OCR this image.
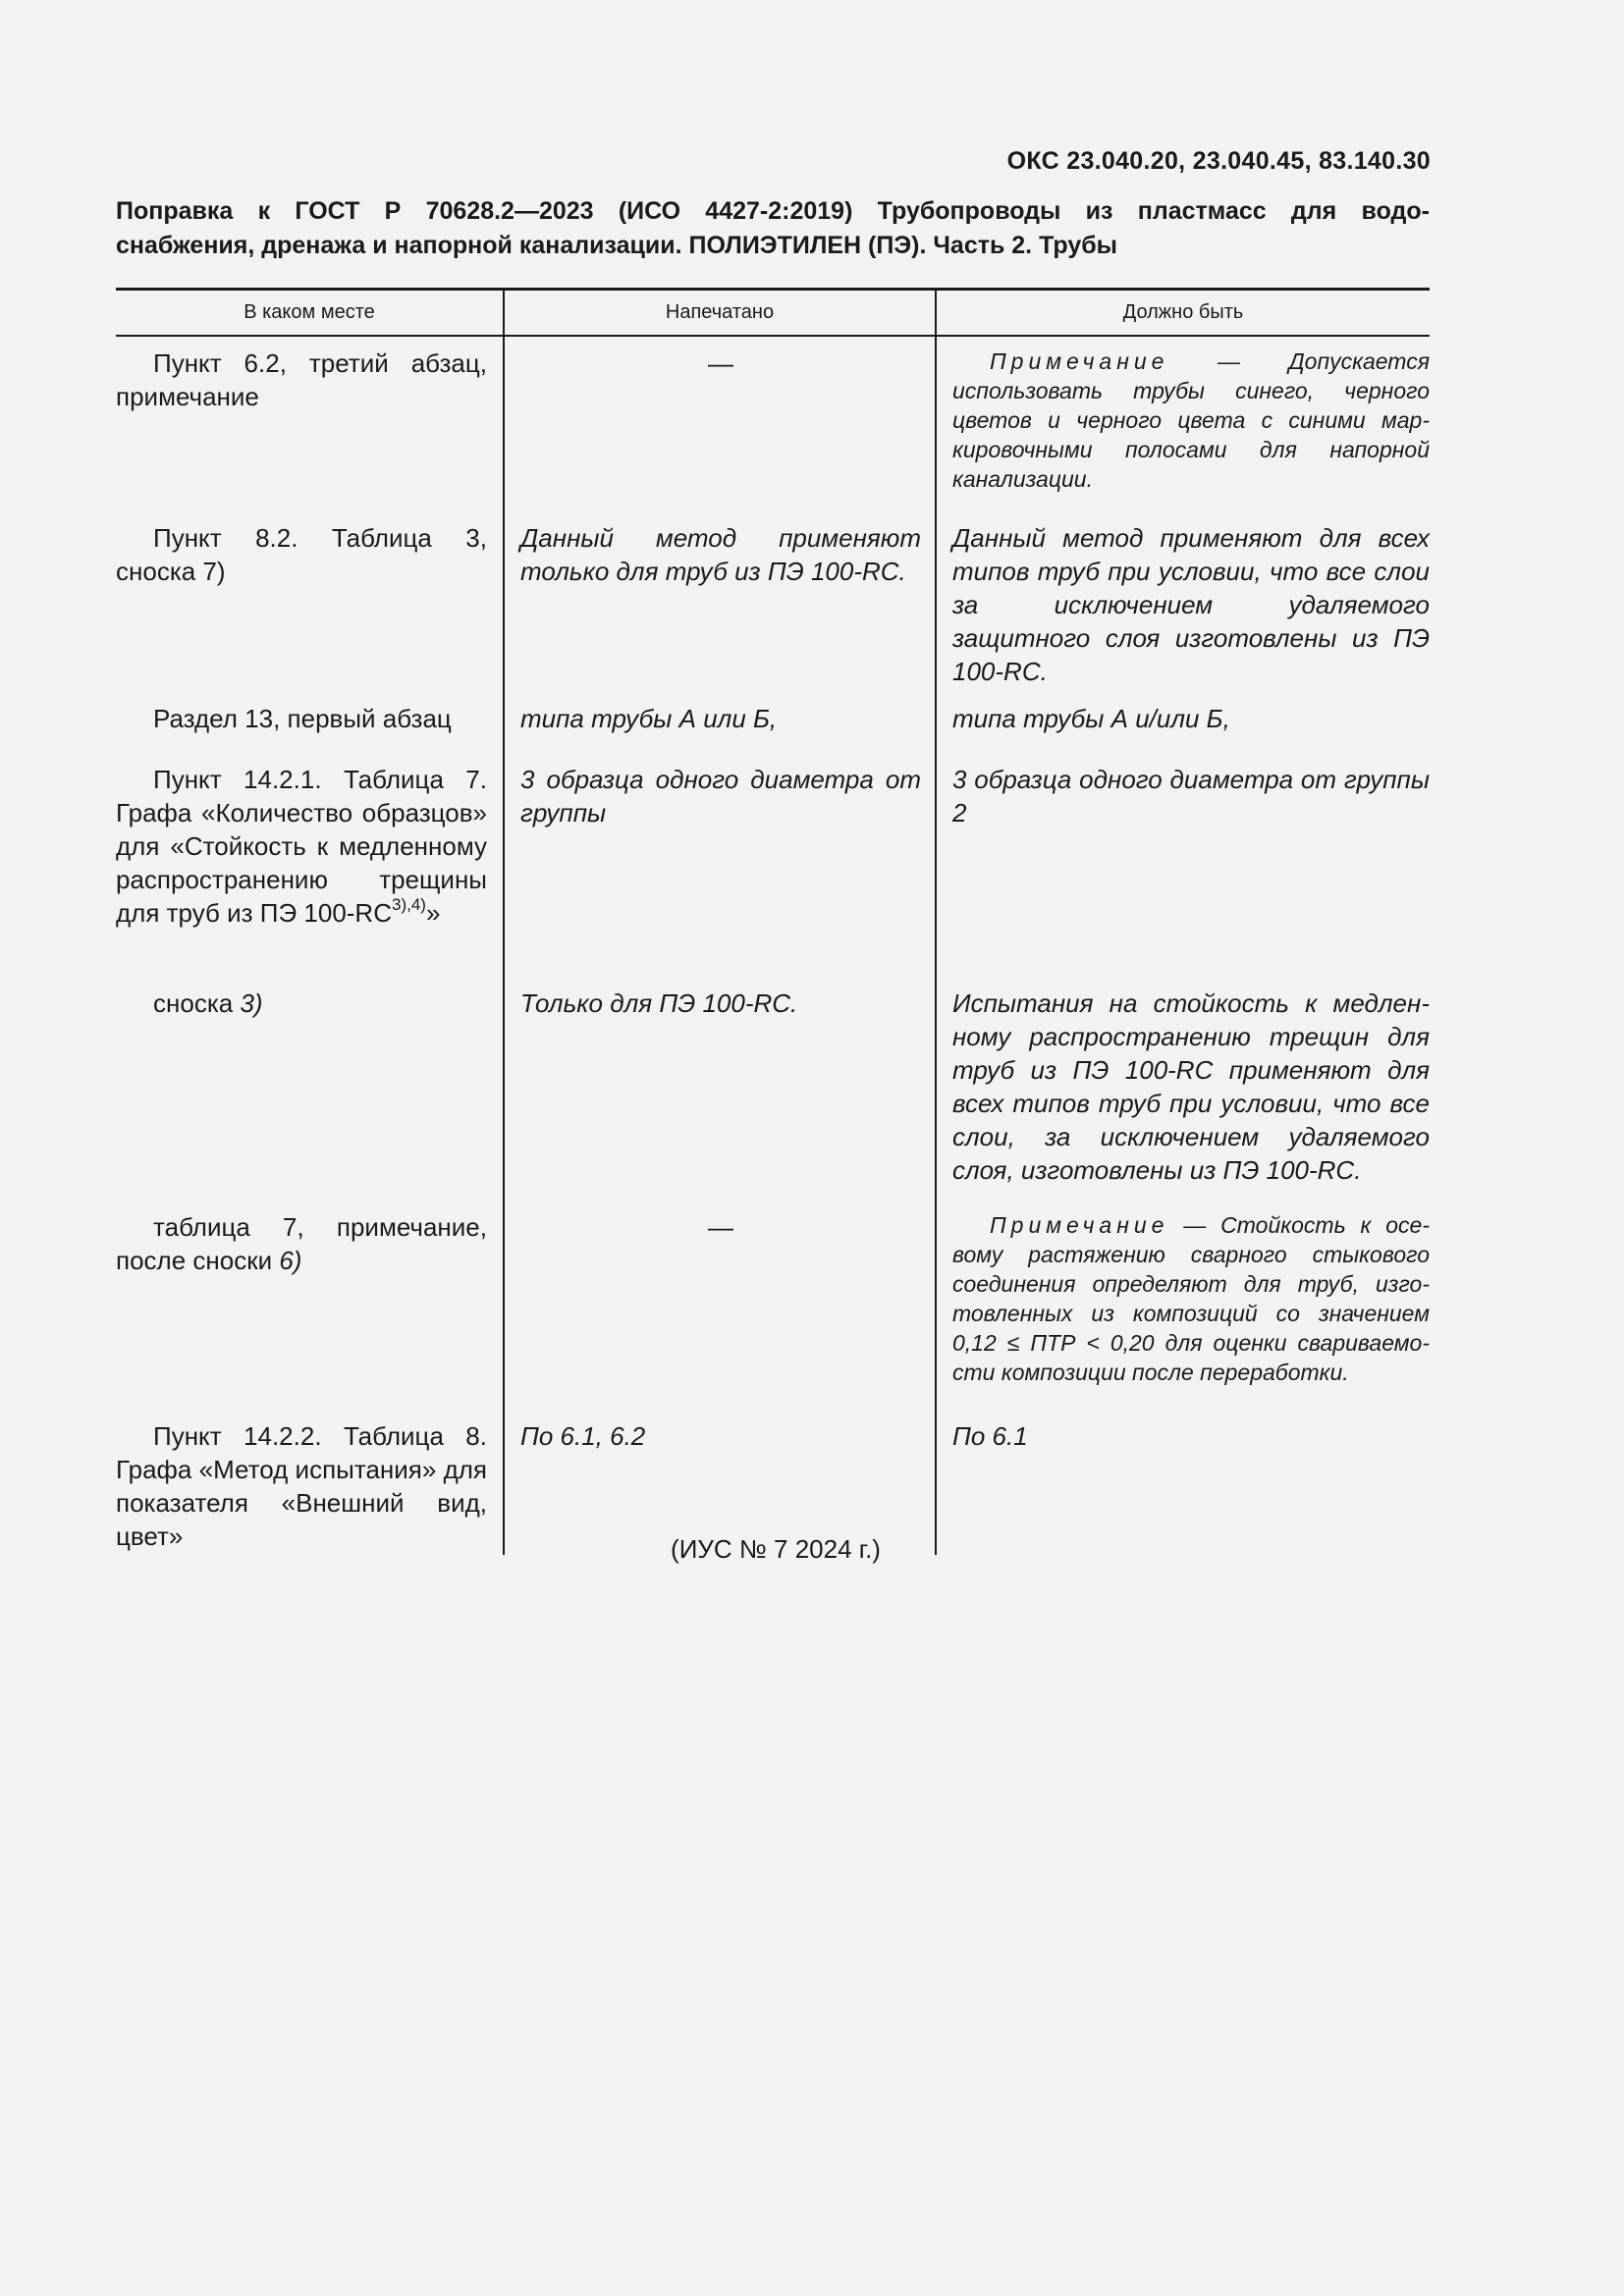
ОКС 23.040.20, 23.040.45, 83.140.30
Поправка к ГОСТ Р 70628.2—2023 (ИСО 4427-2:2019) Трубопроводы из пластмасс для водо-
снабжения, дренажа и напорной канализации. ПОЛИЭТИЛЕН (ПЭ). Часть 2. Трубы
В каком месте	Напечатано	Должно быть
Пункт 6.2, третий абзац, примечание	—	Примечание — Допускается использовать трубы синего, черного цветов и черного цвета с синими маркировочными полосами для напорной канализации.
Пункт 8.2. Таблица 3, сноска 7)	Данный метод применяют только для труб из ПЭ 100-RC.	Данный метод применяют для всех типов труб при условии, что все слои за исключением удаляемого защитного слоя изготовлены из ПЭ 100-RC.
Раздел 13, первый абзац	типа трубы А или Б,	типа трубы А и/или Б,
Пункт 14.2.1. Таблица 7. Графа «Количество образцов» для «Стойкость к медленному распространению трещины для труб из ПЭ $100-RC^{3),4)}$»	3 образца одного диаметра от группы	3 образца одного диаметра от группы 2
сноска 3)	Только для ПЭ 100-RC.	Испытания на стойкость к медленному распространению трещин для труб из ПЭ 100-RC применяют для всех типов труб при условии, что все слои, за исключением удаляемого слоя, изготовлены из ПЭ 100-RC.
таблица 7, примечание, после сноски 6)	—	Примечание — Стойкость к осевому растяжению сварного стыкового соединения определяют для труб, изготовленных из композиций со значением 0,12 ≤ ПТР < 0,20 для оценки свариваемости композиции после переработки.
Пункт 14.2.2. Таблица 8. Графа «Метод испытания» для показателя «Внешний вид, цвет»	По 6.1, 6.2	По 6.1
(ИУС № 7 2024 г.)
